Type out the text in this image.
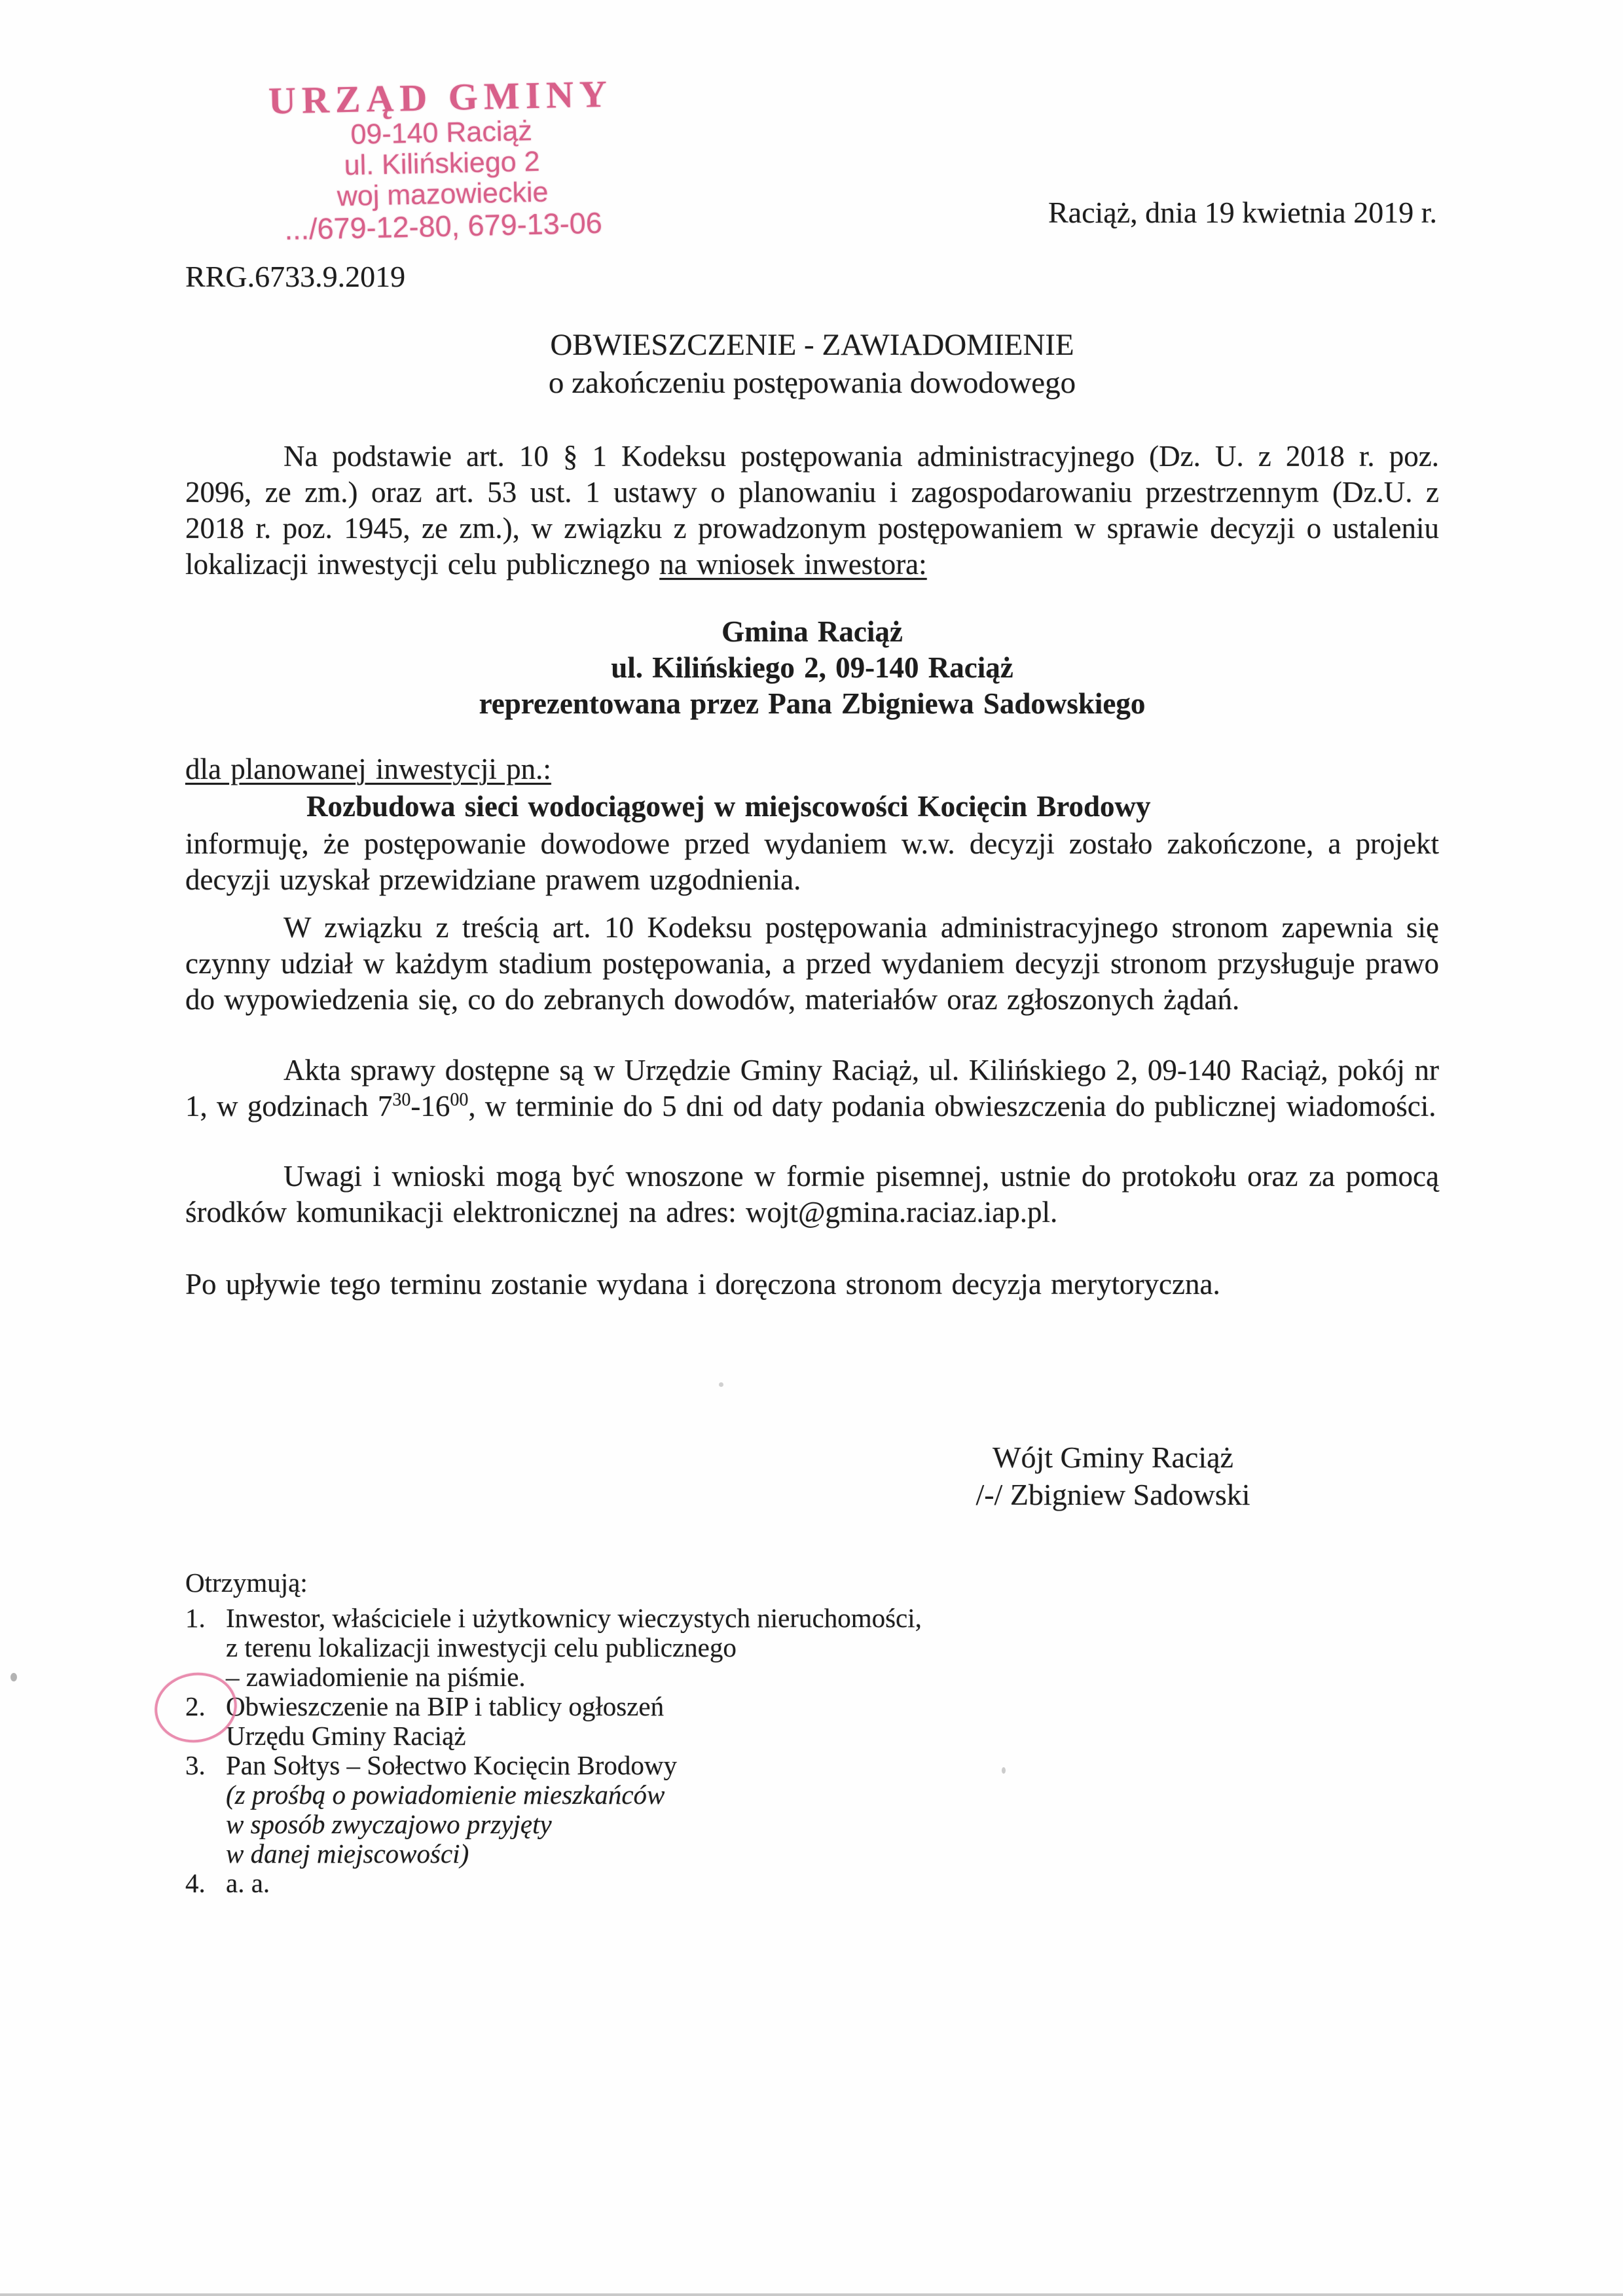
URZĄD GMINY
09-140 Raciąż
ul. Kilińskiego 2
woj mazowieckie
.../679-12-80, 679-13-06	Raciąż, dnia 19 kwietnia 2019 r.
RRG.6733.9.2019
OBWIESZCZENIE - ZAWIADOMIENIE
o zakończeniu postępowania dowodowego
Na podstawie art. 10 § 1 Kodeksu postępowania administracyjnego (Dz. U. z 2018 r. poz. 2096, ze zm.) oraz art. 53 ust. 1 ustawy o planowaniu i zagospodarowaniu przestrzennym (Dz.U. z 2018 r. poz. 1945, ze zm.), w związku z prowadzonym postępowaniem w sprawie decyzji o ustaleniu lokalizacji inwestycji celu publicznego na wniosek inwestora:
Gmina Raciąż
ul. Kilińskiego 2, 09-140 Raciąż
reprezentowana przez Pana Zbigniewa Sadowskiego
dla planowanej inwestycji pn.:
Rozbudowa sieci wodociągowej w miejscowości Kocięcin Brodowy
informuję, że postępowanie dowodowe przed wydaniem w.w. decyzji zostało zakończone, a projekt decyzji uzyskał przewidziane prawem uzgodnienia.
W związku z treścią art. 10 Kodeksu postępowania administracyjnego stronom zapewnia się czynny udział w każdym stadium postępowania, a przed wydaniem decyzji stronom przysługuje prawo do wypowiedzenia się, co do zebranych dowodów, materiałów oraz zgłoszonych żądań.
Akta sprawy dostępne są w Urzędzie Gminy Raciąż, ul. Kilińskiego 2, 09-140 Raciąż, pokój nr 1, w godzinach $7^{30}-16^{00}$, w terminie do 5 dni od daty podania obwieszczenia do publicznej wiadomości.
Uwagi i wnioski mogą być wnoszone w formie pisemnej, ustnie do protokołu oraz za pomocą środków komunikacji elektronicznej na adres: wojt@gmina.raciaz.iap.pl.
Po upływie tego terminu zostanie wydana i doręczona stronom decyzja merytoryczna.
Wójt Gminy Raciąż
/-/ Zbigniew Sadowski
Otrzymują:
1. Inwestor, właściciele i użytkownicy wieczystych nieruchomości,
z terenu lokalizacji inwestycji celu publicznego
– zawiadomienie na piśmie.
2. Obwieszczenie na BIP i tablicy ogłoszeń
Urzędu Gminy Raciąż
3. Pan Sołtys – Sołectwo Kocięcin Brodowy
(z prośbą o powiadomienie mieszkańców
w sposób zwyczajowo przyjęty
w danej miejscowości)
4. a. a.
